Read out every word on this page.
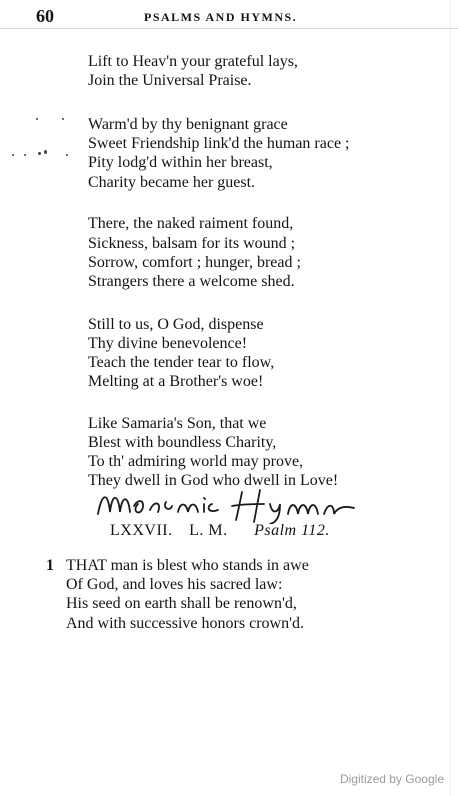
60	PSALMS AND HYMNS.
Lift to Heav'n your grateful lays,
Join the Universal Praise.
Warm'd by thy benignant grace
Sweet Friendship link'd the human race ;
Pity lodg'd within her breast,
Charity became her guest.
There, the naked raiment found,
Sickness, balsam for its wound ;
Sorrow, comfort ; hunger, bread ;
Strangers there a welcome shed.
Still to us, O God, dispense
Thy divine benevolence!
Teach the tender tear to flow,
Melting at a Brother's woe!
Like Samaria's Son, that we
Blest with boundless Charity,
To th' admiring world may prove,
They dwell in God who dwell in Love!
LXXVII. L. M. Psalm 112.
1 THAT man is blest who stands in awe
Of God, and loves his sacred law:
His seed on earth shall be renown'd,
And with successive honors crown'd.
Digitized by Google
